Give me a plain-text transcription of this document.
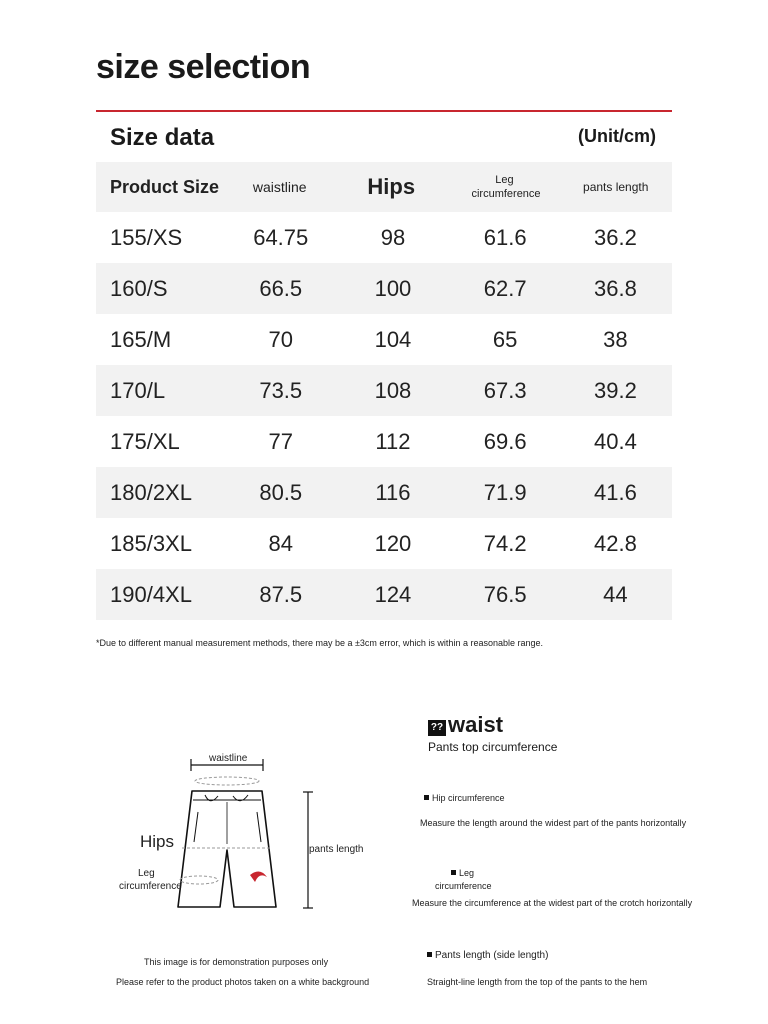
size selection
Size data	(Unit/cm)
Product Size	waistline	Hips	Leg circumference	pants length
155/XS	64.75	98	61.6	36.2
160/S	66.5	100	62.7	36.8
165/M	70	104	65	38
170/L	73.5	108	67.3	39.2
175/XL	77	112	69.6	40.4
180/2XL	80.5	116	71.9	41.6
185/3XL	84	120	74.2	42.8
190/4XL	87.5	124	76.5	44
*Due to different manual measurement methods, there may be a ±3cm error, which is within a reasonable range.
waistline
Hips
Leg
circumference
pants length
This image is for demonstration purposes only
Please refer to the product photos taken on a white background
?? waist
Pants top circumference
Hip circumference
Measure the length around the widest part of the pants horizontally
Leg
circumference
Measure the circumference at the widest part of the crotch horizontally
Pants length (side length)
Straight-line length from the top of the pants to the hem
